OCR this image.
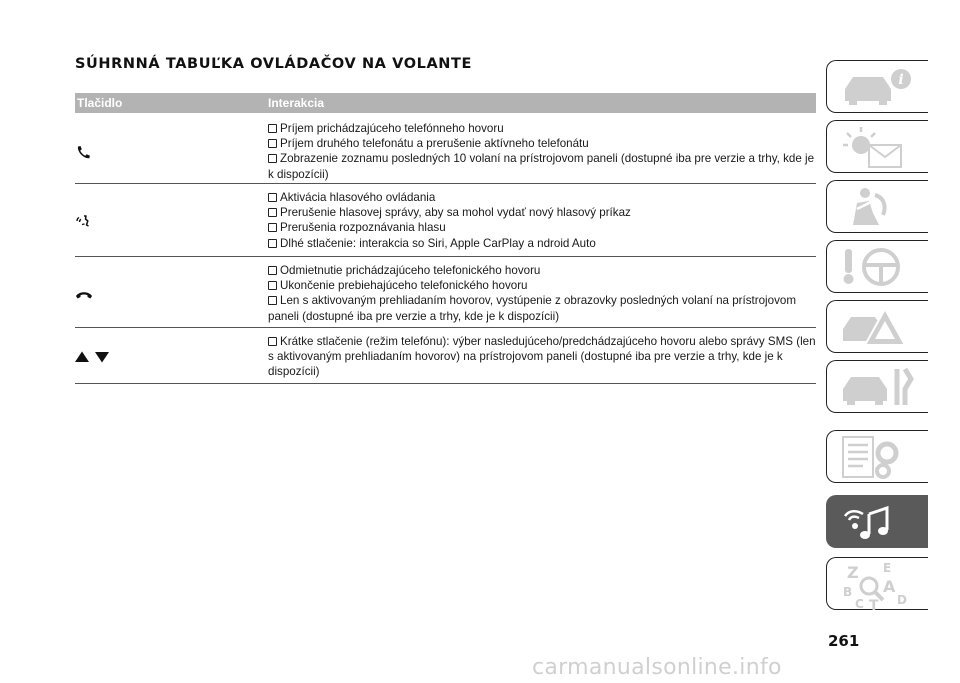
SÚHRNNÁ TABUĽKA OVLÁDAČOV NA VOLANTE
Tlačidlo	Interakcia
Príjem prichádzajúceho telefónneho hovoru
Príjem druhého telefonátu a prerušenie aktívneho telefonátu
Zobrazenie zoznamu posledných 10 volaní na prístrojovom paneli (dostupné iba pre verzie a trhy, kde je k dispozícii)
Aktivácia hlasového ovládania
Prerušenie hlasovej správy, aby sa mohol vydať nový hlasový príkaz
Prerušenia rozpoznávania hlasu
Dlhé stlačenie: interakcia so Siri, Apple CarPlay a ndroid Auto
Odmietnutie prichádzajúceho telefonického hovoru
Ukončenie prebiehajúceho telefonického hovoru
Len s aktivovaným prehliadaním hovorov, vystúpenie z obrazovky posledných volaní na prístrojovom paneli (dostupné iba pre verzie a trhy, kde je k dispozícii)
Krátke stlačenie (režim telefónu): výber nasledujúceho/predchádzajúceho hovoru alebo správy SMS (len s aktivovaným prehliadaním hovorov) na prístrojovom paneli (dostupné iba pre verzie a trhy, kde je k dispozícii)
i
Z E
B A
C T D
261
carmanualsonline.info
